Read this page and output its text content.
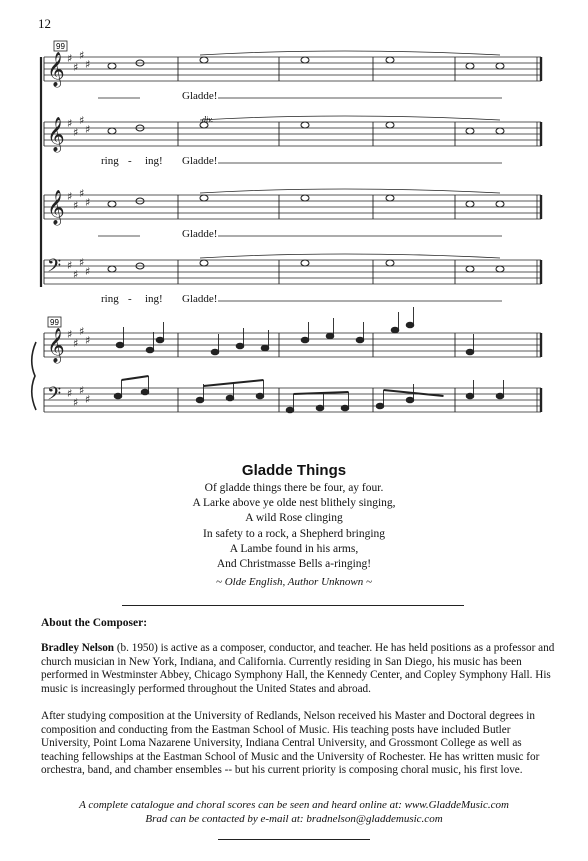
12
𝄞 ♯
♯
♯
♯
𝄞 ♯
♯
♯
♯
𝄞 ♯
♯
♯
♯
𝄢 ♯
♯
♯
♯
𝄞 ♯
♯
♯
♯
𝄢 ♯
♯
♯
♯
99
99
div.
Gladde!
ring - ing! Gladde!
Gladde!
ring - ing! Gladde!
Gladde Things
Of gladde things there be four, ay four.
A Larke above ye olde nest blithely singing,
A wild Rose clinging
In safety to a rock, a Shepherd bringing
A Lambe found in his arms,
And Christmasse Bells a-ringing!
~ Olde English, Author Unknown ~
About the Composer:
Bradley Nelson (b. 1950) is active as a composer, conductor, and teacher. He has held positions as a professor and church musician in New York, Indiana, and California. Currently residing in San Diego, his music has been performed in Westminster Abbey, Chicago Symphony Hall, the Kennedy Center, and Copley Symphony Hall. His music is increasingly performed throughout the United States and abroad.
After studying composition at the University of Redlands, Nelson received his Master and Doctoral degrees in composition and conducting from the Eastman School of Music. His teaching posts have included Butler University, Point Loma Nazarene University, Indiana Central University, and Grossmont College as well as teaching fellowships at the Eastman School of Music and the University of Rochester. He has written music for orchestra, band, and chamber ensembles -- but his current priority is composing choral music, his first love.
A complete catalogue and choral scores can be seen and heard online at: www.GladdeMusic.com
Brad can be contacted by e-mail at: bradnelson@gladdemusic.com
